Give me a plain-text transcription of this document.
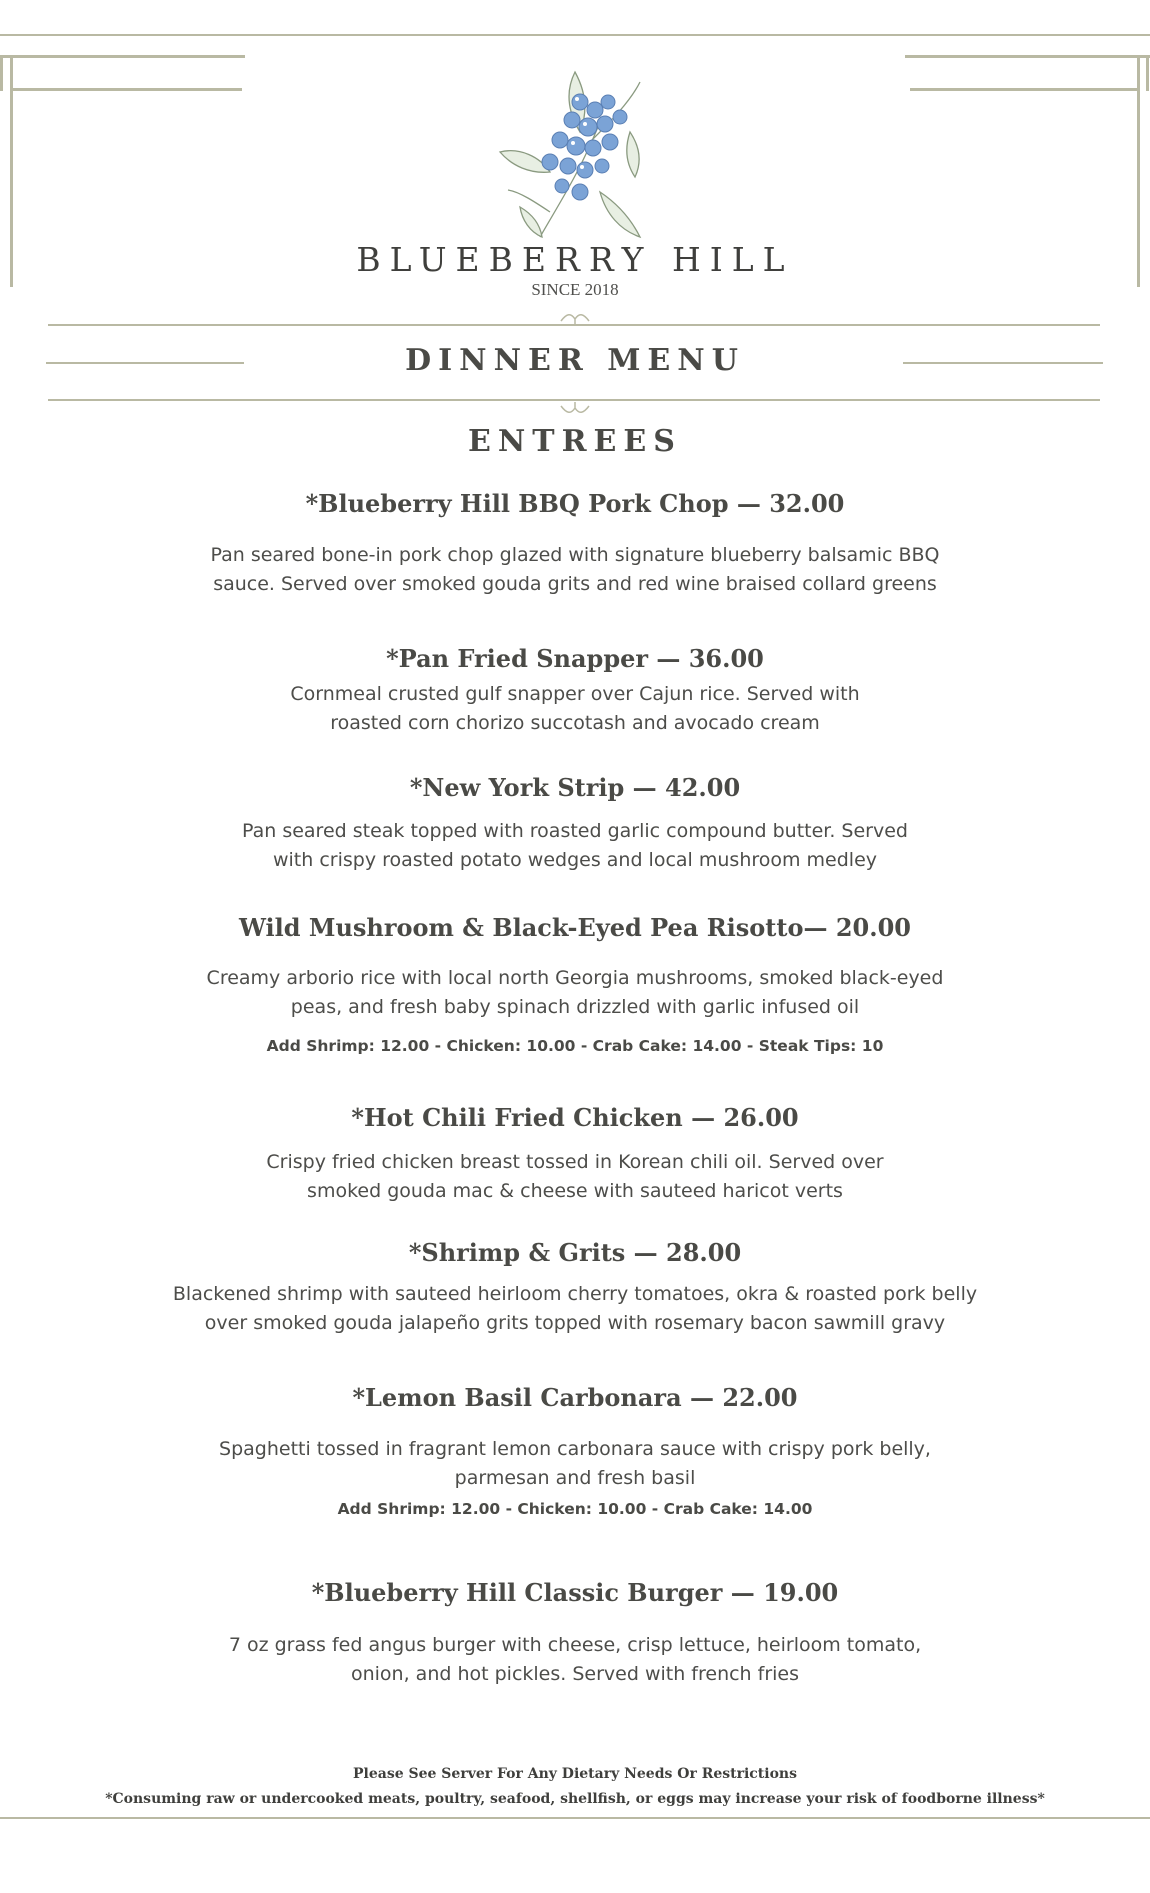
BLUEBERRY HILL
SINCE 2018
DINNER MENU
ENTREES
*Blueberry Hill BBQ Pork Chop — 32.00
Pan seared bone-in pork chop glazed with signature blueberry balsamic BBQ
sauce. Served over smoked gouda grits and red wine braised collard greens
*Pan Fried Snapper — 36.00
Cornmeal crusted gulf snapper over Cajun rice. Served with
roasted corn chorizo succotash and avocado cream
*New York Strip — 42.00
Pan seared steak topped with roasted garlic compound butter. Served
with crispy roasted potato wedges and local mushroom medley
Wild Mushroom & Black-Eyed Pea Risotto— 20.00
Creamy arborio rice with local north Georgia mushrooms, smoked black-eyed
peas, and fresh baby spinach drizzled with garlic infused oil
Add Shrimp: 12.00 - Chicken: 10.00 - Crab Cake: 14.00 - Steak Tips: 10
*Hot Chili Fried Chicken — 26.00
Crispy fried chicken breast tossed in Korean chili oil. Served over
smoked gouda mac & cheese with sauteed haricot verts
*Shrimp & Grits — 28.00
Blackened shrimp with sauteed heirloom cherry tomatoes, okra & roasted pork belly
over smoked gouda jalapeño grits topped with rosemary bacon sawmill gravy
*Lemon Basil Carbonara — 22.00
Spaghetti tossed in fragrant lemon carbonara sauce with crispy pork belly,
parmesan and fresh basil
Add Shrimp: 12.00 - Chicken: 10.00 - Crab Cake: 14.00
*Blueberry Hill Classic Burger — 19.00
7 oz grass fed angus burger with cheese, crisp lettuce, heirloom tomato,
onion, and hot pickles. Served with french fries
Please See Server For Any Dietary Needs Or Restrictions
*Consuming raw or undercooked meats, poultry, seafood, shellfish, or eggs may increase your risk of foodborne illness*
